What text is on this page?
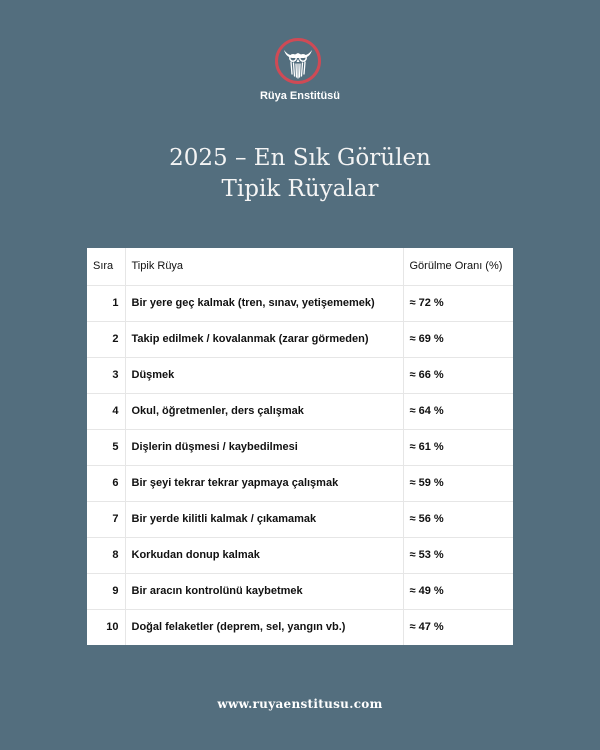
Rüya Enstitüsü
2025 – En Sık Görülen
Tipik Rüyalar
Sıra	Tipik Rüya	Görülme Oranı (%)
1	Bir yere geç kalmak (tren, sınav, yetişememek)	≈ 72 %
2	Takip edilmek / kovalanmak (zarar görmeden)	≈ 69 %
3	Düşmek	≈ 66 %
4	Okul, öğretmenler, ders çalışmak	≈ 64 %
5	Dişlerin düşmesi / kaybedilmesi	≈ 61 %
6	Bir şeyi tekrar tekrar yapmaya çalışmak	≈ 59 %
7	Bir yerde kilitli kalmak / çıkamamak	≈ 56 %
8	Korkudan donup kalmak	≈ 53 %
9	Bir aracın kontrolünü kaybetmek	≈ 49 %
10	Doğal felaketler (deprem, sel, yangın vb.)	≈ 47 %
www.ruyaenstitusu.com
